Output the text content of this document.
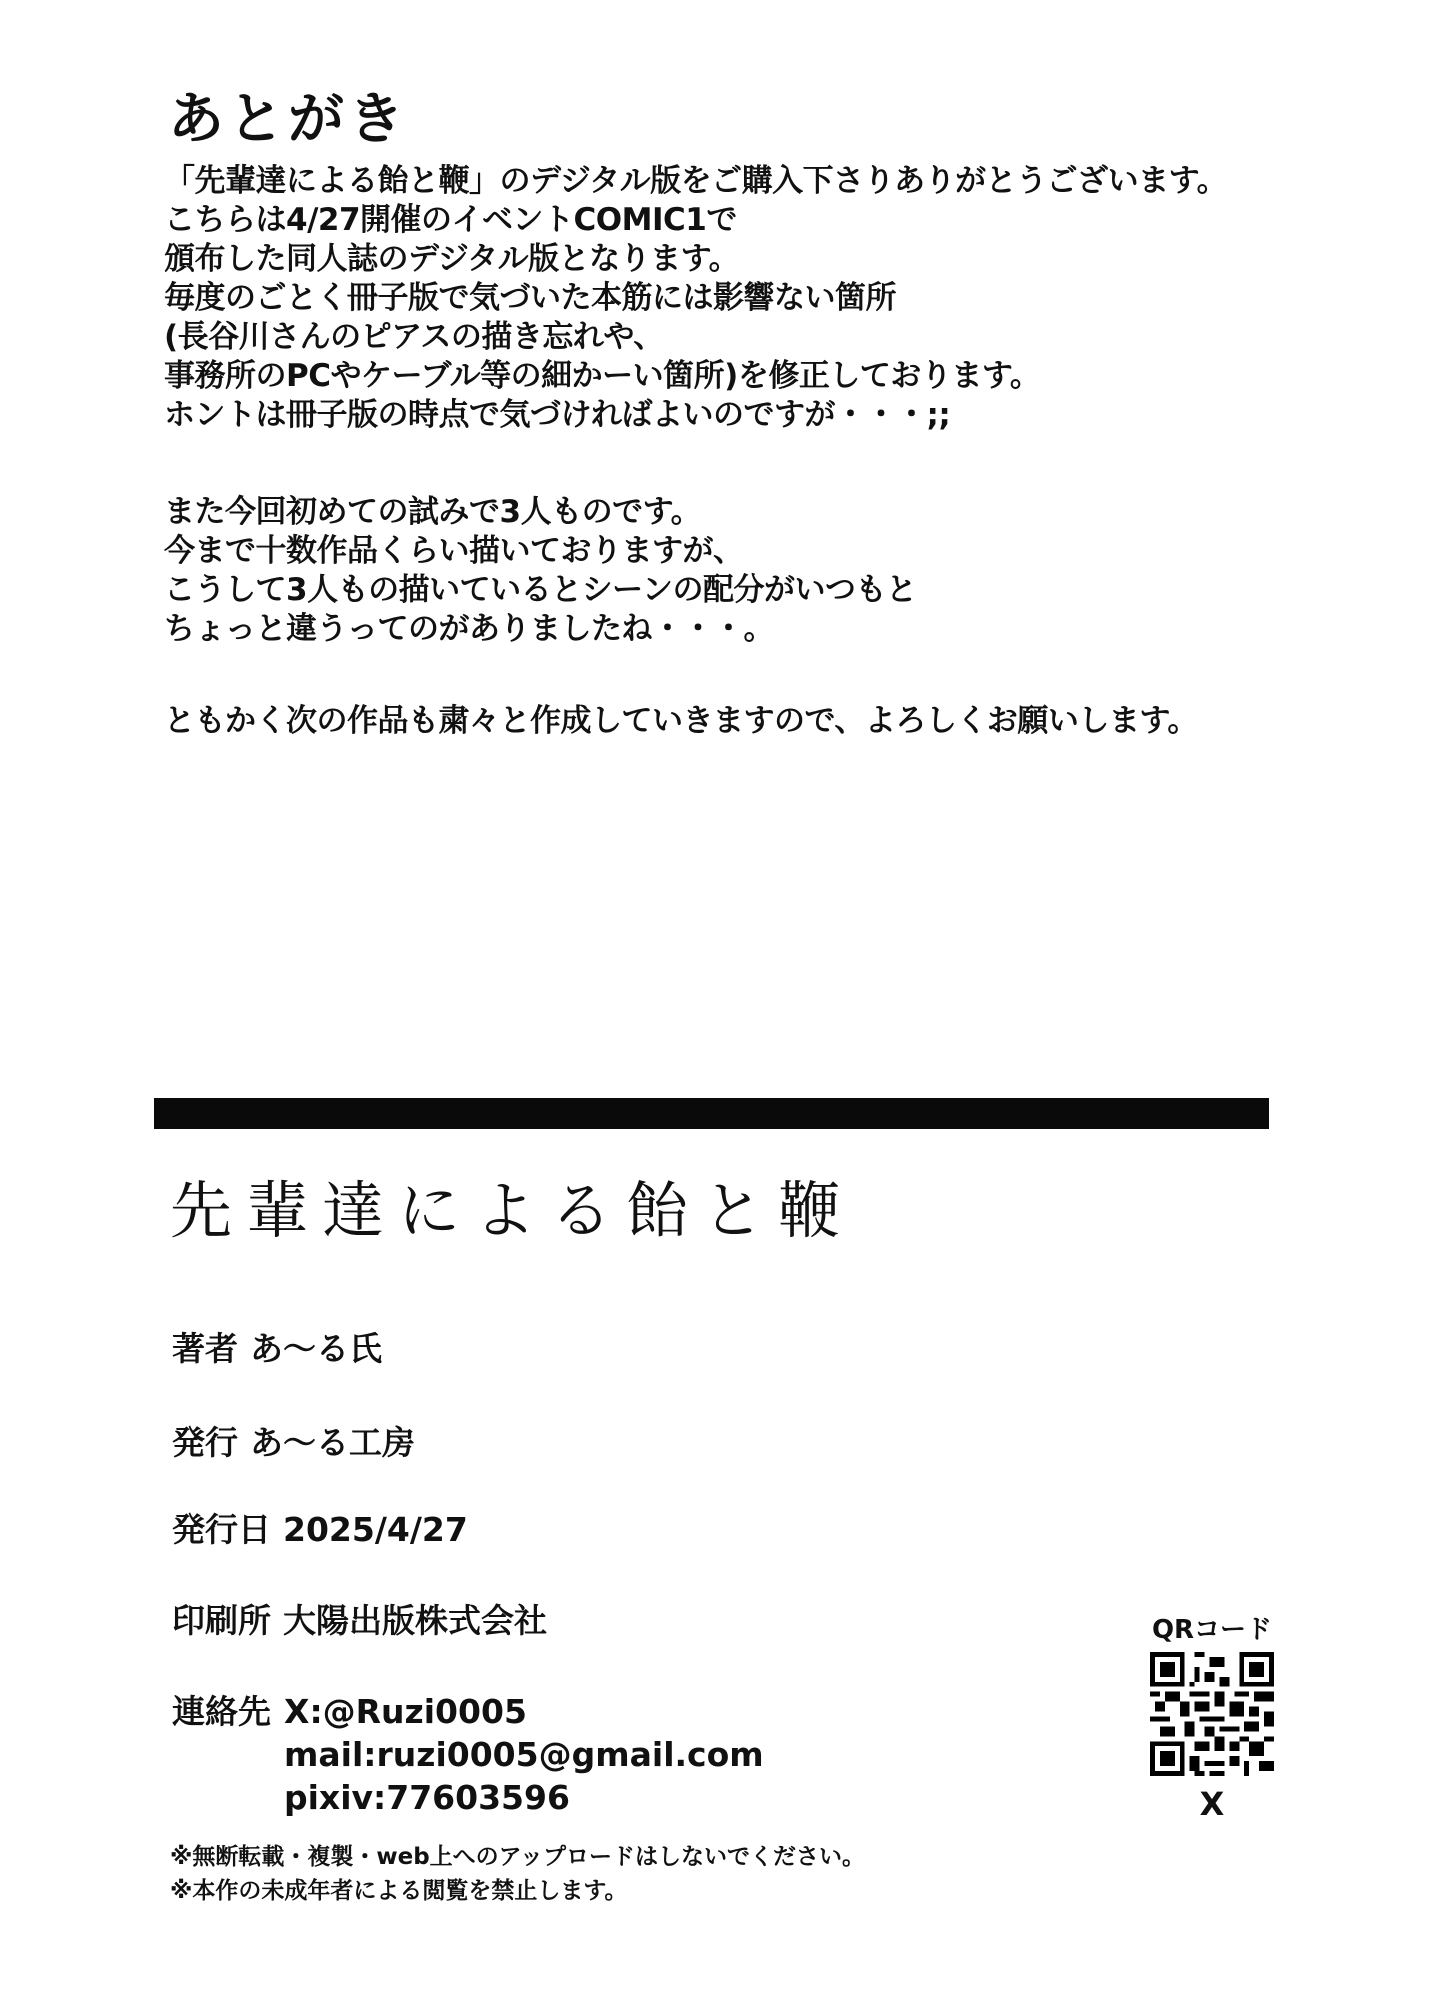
あとがき
「先輩達による飴と鞭」のデジタル版をご購入下さりありがとうございます。
こちらは4/27開催のイベントCOMIC1で
頒布した同人誌のデジタル版となります。
毎度のごとく冊子版で気づいた本筋には影響ない箇所
(長谷川さんのピアスの描き忘れや、
事務所のPCやケーブル等の細かーい箇所)を修正しております。
ホントは冊子版の時点で気づければよいのですが・・・;;
また今回初めての試みで3人ものです。
今まで十数作品くらい描いておりますが、
こうして3人もの描いているとシーンの配分がいつもと
ちょっと違うってのがありましたね・・・。
ともかく次の作品も粛々と作成していきますので、よろしくお願いします。
先輩達による飴と鞭
著者 あ〜る氏
発行 あ〜る工房
発行日 2025/4/27
印刷所 大陽出版株式会社
連絡先 X:@Ruzi0005
mail:ruzi0005@gmail.com
pixiv:77603596
QRコード
X
※無断転載・複製・web上へのアップロードはしないでください。
※本作の未成年者による閲覧を禁止します。
